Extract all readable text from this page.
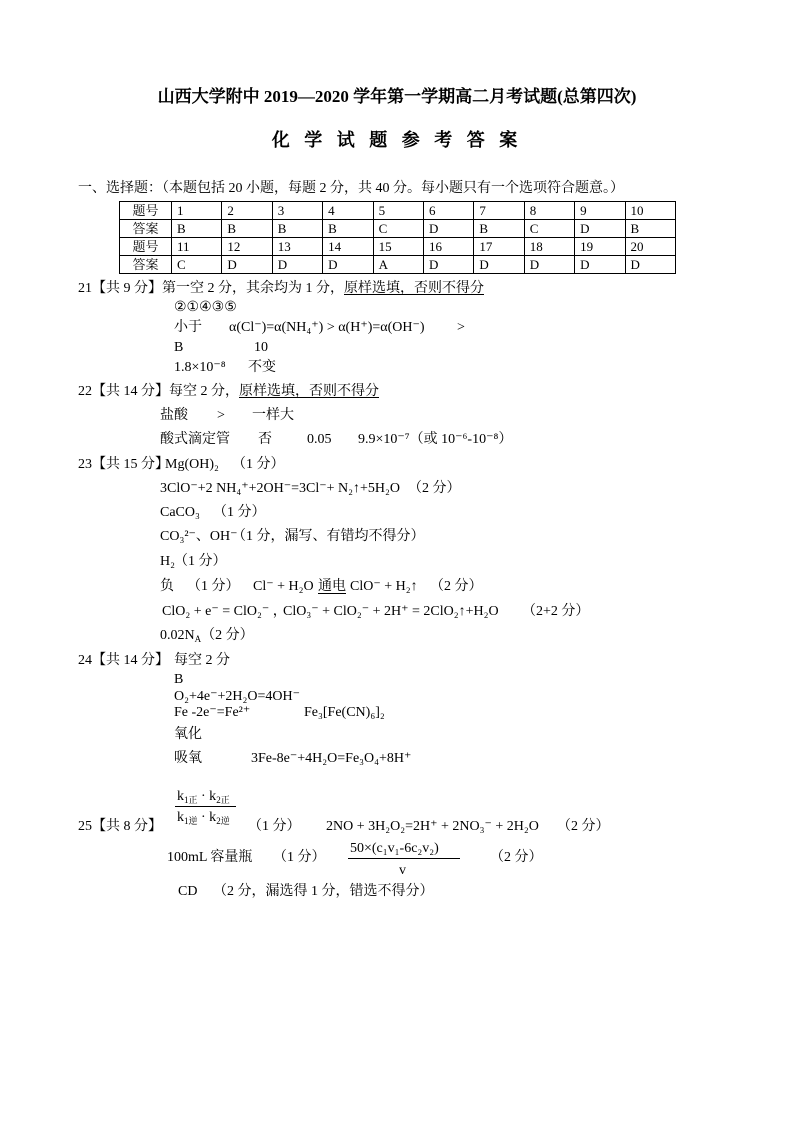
山西大学附中 2019—2020 学年第一学期高二月考试题(总第四次)
化 学 试 题 参 考 答 案
一、选择题：（本题包括 20 小题，每题 2 分，共 40 分。每小题只有一个选项符合题意。）
题号	1	2	3	4	5	6	7	8	9	10
答案	B	B	B	B	C	D	B	C	D	B
题号	11	12	13	14	15	16	17	18	19	20
答案	C	D	D	D	A	D	D	D	D	D
21【共 9 分】第一空 2 分，其余均为 1 分，原样选填，否则不得分
②①④③⑤
小于 α(Cl⁻)=α(NH₄⁺) > α(H⁺)=α(OH⁻) >
B	10
1.8×10⁻⁸ 不变
22【共 14 分】每空 2 分，原样选填，否则不得分
盐酸 > 一样大
酸式滴定管 否	0.05 9.9×10⁻⁷（或 10⁻⁶-10⁻⁸）
23【共 15 分】
Mg(OH)₂ （1 分）
3ClO⁻+2 NH₄⁺+2OH⁻=3Cl⁻+ N₂↑+5H₂O （2 分）
CaCO₃ （1 分）
CO₃²⁻、OH⁻
（1 分，漏写、有错均不得分）
H₂ （1 分）
负 （1 分） Cl⁻ + H₂O 通电 ClO⁻ + H₂↑ （2 分）
ClO₂ + e⁻ = ClO₂⁻ ，
ClO₃⁻ + ClO₂⁻ + 2H⁺ = 2ClO₂↑+H₂O （2+2 分）
$0.02N_A(2$ 分）
24【共 14 分】 每空 2 分
B
O₂+4e⁻+2H₂O=4OH⁻
Fe -2e⁻=Fe²⁺	Fe₃[Fe(CN)₆]₂
氧化
吸氧	3Fe-8e⁻+4H₂O=Fe₃O₄+8H⁺
$k_{1正} \cdot k_{2正}$
$k_{1逆} \cdot k_{2逆}$
25【共 8 分】	（1 分） 2NO + 3H₂O₂=2H⁺ + 2NO₃⁻ + 2H₂O （2 分）
100mL 容量瓶 （1 分）
50×(c₁v₁-6c₂v₂)
v
（2 分）
CD （2 分，漏选得 1 分，错选不得分）
